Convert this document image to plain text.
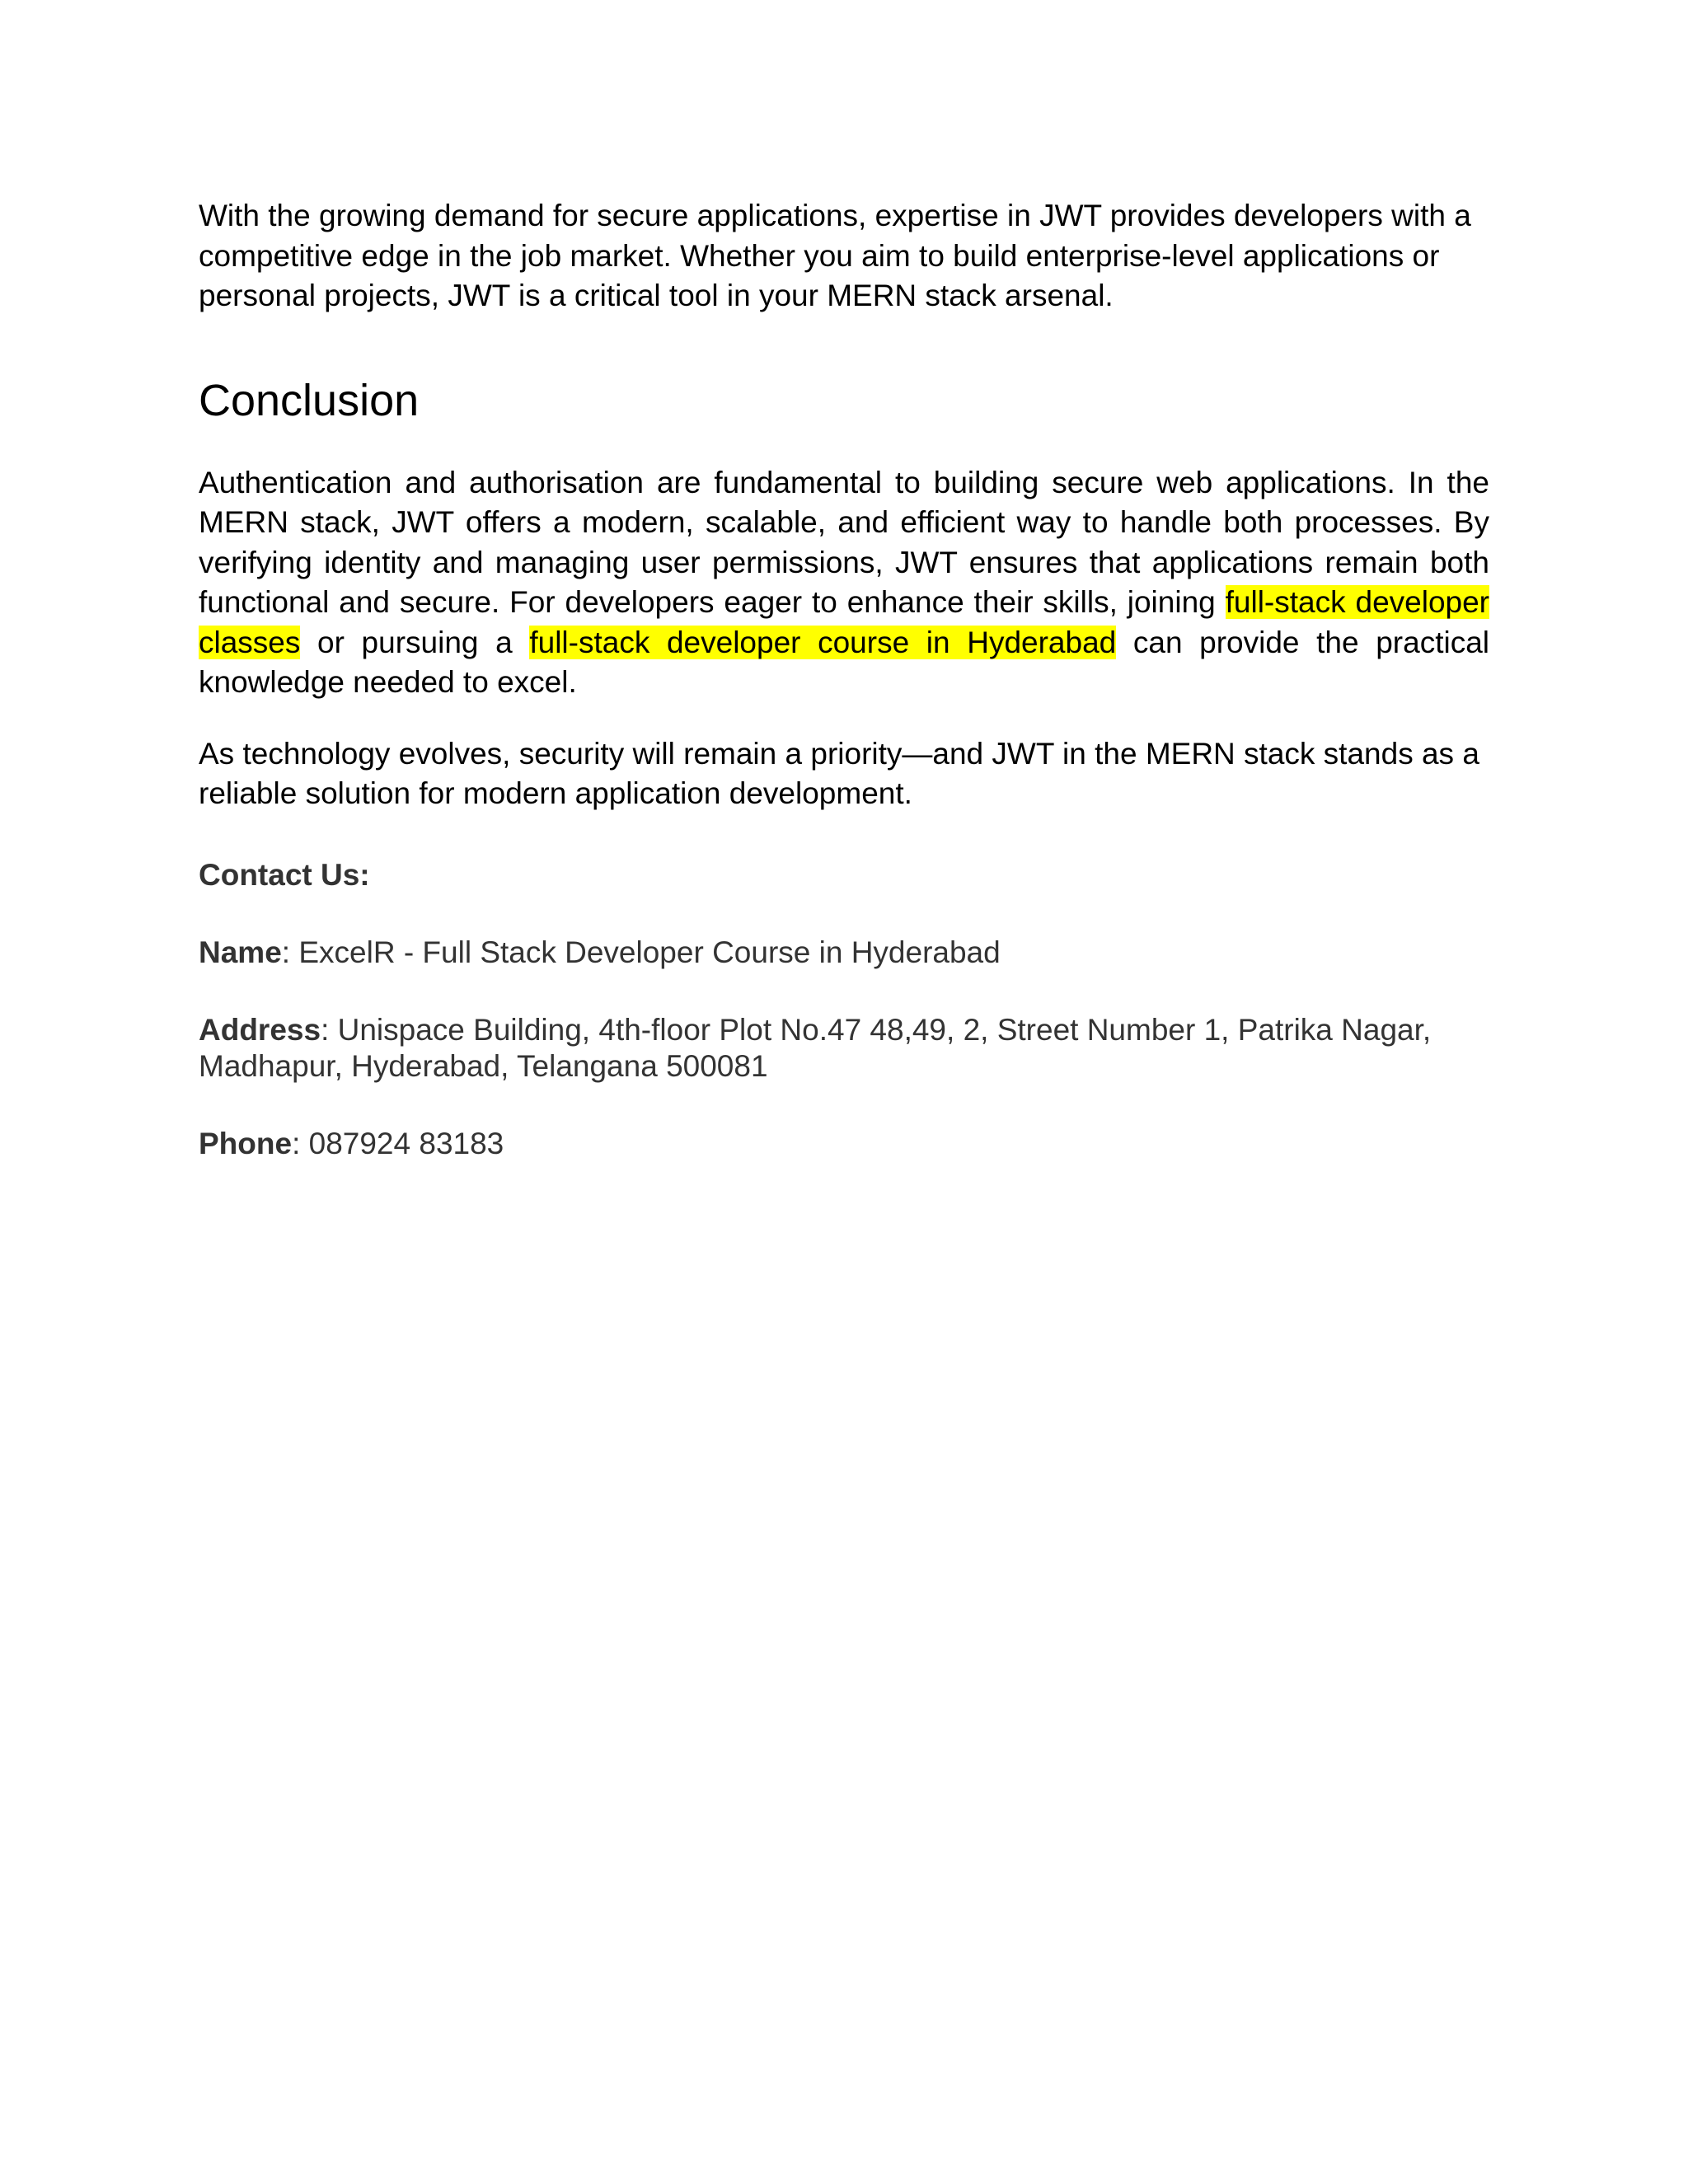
With the growing demand for secure applications, expertise in JWT provides developers with a competitive edge in the job market. Whether you aim to build enterprise-level applications or personal projects, JWT is a critical tool in your MERN stack arsenal.

Conclusion

Authentication and authorisation are fundamental to building secure web applications. In the MERN stack, JWT offers a modern, scalable, and efficient way to handle both processes. By verifying identity and managing user permissions, JWT ensures that applications remain both functional and secure. For developers eager to enhance their skills, joining full-stack developer classes or pursuing a full-stack developer course in Hyderabad can provide the practical knowledge needed to excel.

As technology evolves, security will remain a priority—and JWT in the MERN stack stands as a reliable solution for modern application development.

Contact Us:
Name: ExcelR - Full Stack Developer Course in Hyderabad
Address: Unispace Building, 4th-floor Plot No.47 48,49, 2, Street Number 1, Patrika Nagar, Madhapur, Hyderabad, Telangana 500081
Phone: 087924 83183
